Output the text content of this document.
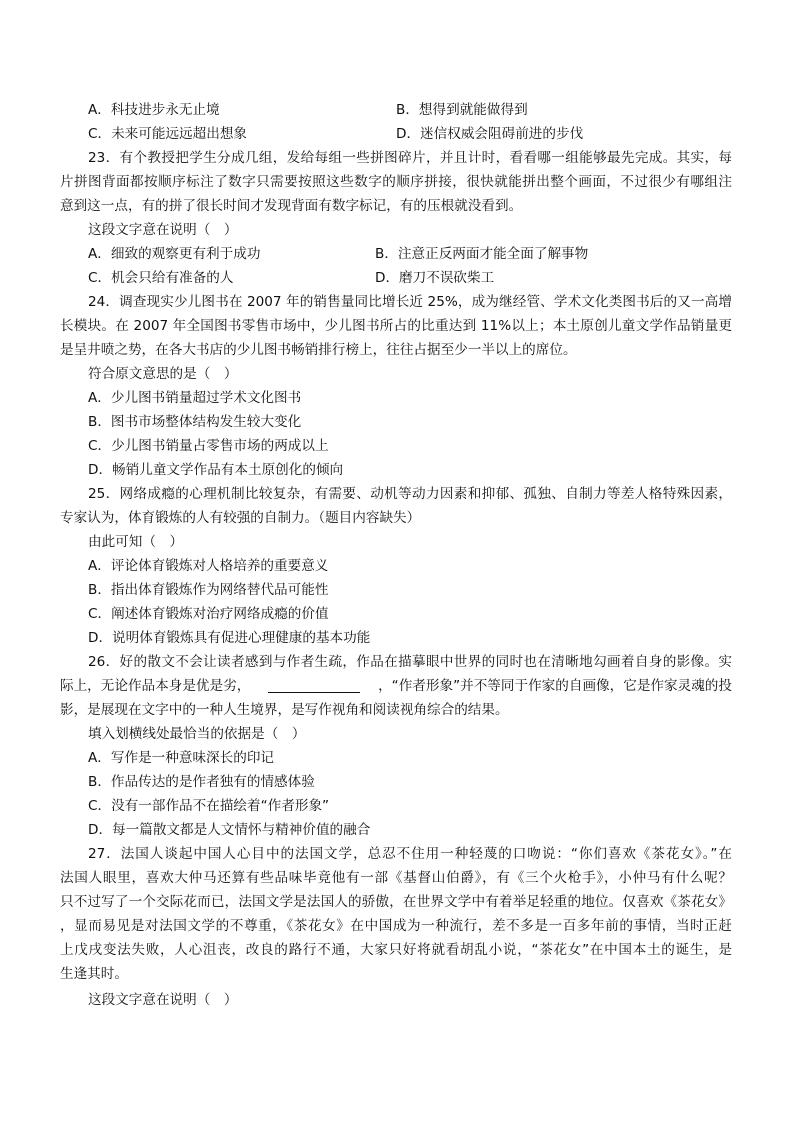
A．科技进步永无止境	B．想得到就能做得到
C．未来可能远远超出想象	D．迷信权威会阻碍前进的步伐
23．有个教授把学生分成几组，发给每组一些拼图碎片，并且计时，看看哪一组能够最先完成。其实，每
片拼图背面都按顺序标注了数字只需要按照这些数字的顺序拼接，很快就能拼出整个画面，不过很少有哪组注
意到这一点，有的拼了很长时间才发现背面有数字标记，有的压根就没看到。
这段文字意在说明（　）
A．细致的观察更有利于成功	B．注意正反两面才能全面了解事物
C．机会只给有准备的人	D．磨刀不误砍柴工
24．调查现实少儿图书在 2007 年的销售量同比增长近 25%，成为继经管、学术文化类图书后的又一高增
长模块。在 2007 年全国图书零售市场中，少儿图书所占的比重达到 11%以上；本土原创儿童文学作品销量更
是呈井喷之势，在各大书店的少儿图书畅销排行榜上，往往占据至少一半以上的席位。
符合原文意思的是（　）
A．少儿图书销量超过学术文化图书
B．图书市场整体结构发生较大变化
C．少儿图书销量占零售市场的两成以上
D．畅销儿童文学作品有本土原创化的倾向
25．网络成瘾的心理机制比较复杂，有需要、动机等动力因素和抑郁、孤独、自制力等差人格特殊因素，
专家认为，体育锻炼的人有较强的自制力。（题目内容缺失）
由此可知（　）
A．评论体育锻炼对人格培养的重要意义
B．指出体育锻炼作为网络替代品可能性
C．阐述体育锻炼对治疗网络成瘾的价值
D．说明体育锻炼具有促进心理健康的基本功能
26．好的散文不会让读者感到与作者生疏，作品在描摹眼中世界的同时也在清晰地勾画着自身的影像。实
际上，无论作品本身是优是劣，	，“作者形象”并不等同于作家的自画像，它是作家灵魂的投
影，是展现在文字中的一种人生境界，是写作视角和阅读视角综合的结果。
填入划横线处最恰当的依据是（　）
A．写作是一种意味深长的印记
B．作品传达的是作者独有的情感体验
C．没有一部作品不在描绘着“作者形象”
D．每一篇散文都是人文情怀与精神价值的融合
27．法国人谈起中国人心目中的法国文学，总忍不住用一种轻蔑的口吻说：“你们喜欢《茶花女》。”在
法国人眼里，喜欢大仲马还算有些品味毕竟他有一部《基督山伯爵》，有《三个火枪手》，小仲马有什么呢？
只不过写了一个交际花而已，法国文学是法国人的骄傲，在世界文学中有着举足轻重的地位。仅喜欢《茶花女》
，显而易见是对法国文学的不尊重，《茶花女》在中国成为一种流行，差不多是一百多年前的事情，当时正赶
上戊戌变法失败，人心沮丧，改良的路行不通，大家只好将就看胡乱小说，“茶花女”在中国本土的诞生，是
生逢其时。
这段文字意在说明（　）
